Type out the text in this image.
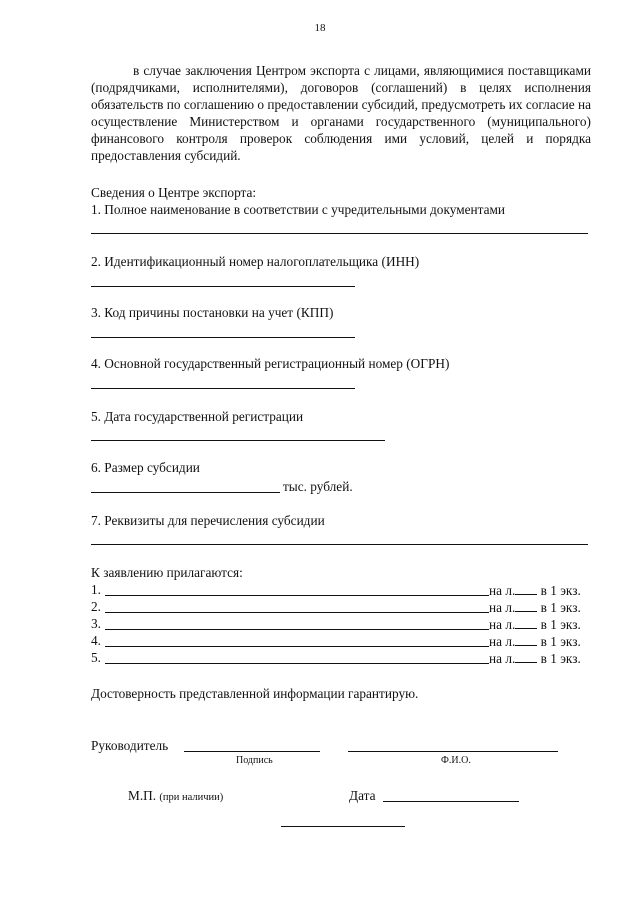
18

в случае заключения Центром экспорта с лицами, являющимися поставщиками (подрядчиками, исполнителями), договоров (соглашений) в целях исполнения обязательств по соглашению о предоставлении субсидий, предусмотреть их согласие на осуществление Министерством и органами государственного (муниципального) финансового контроля проверок соблюдения ими условий, целей и порядка предоставления субсидий.

Сведения о Центре экспорта:

1. Полное наименование в соответствии с учредительными документами

2. Идентификационный номер налогоплательщика (ИНН)

3. Код причины постановки на учет (КПП)

4. Основной государственный регистрационный номер (ОГРН)

5. Дата государственной регистрации

6. Размер субсидии

тыс. рублей.

7. Реквизиты для перечисления субсидии

К заявлению прилагаются:

1.	на л. в 1 экз.
2.	на л. в 1 экз.
3.	на л. в 1 экз.
4.	на л. в 1 экз.
5.	на л. в 1 экз.

Достоверность представленной информации гарантирую.

Руководитель

Подпись	Ф.И.О.

М.П. (при наличии)	Дата
